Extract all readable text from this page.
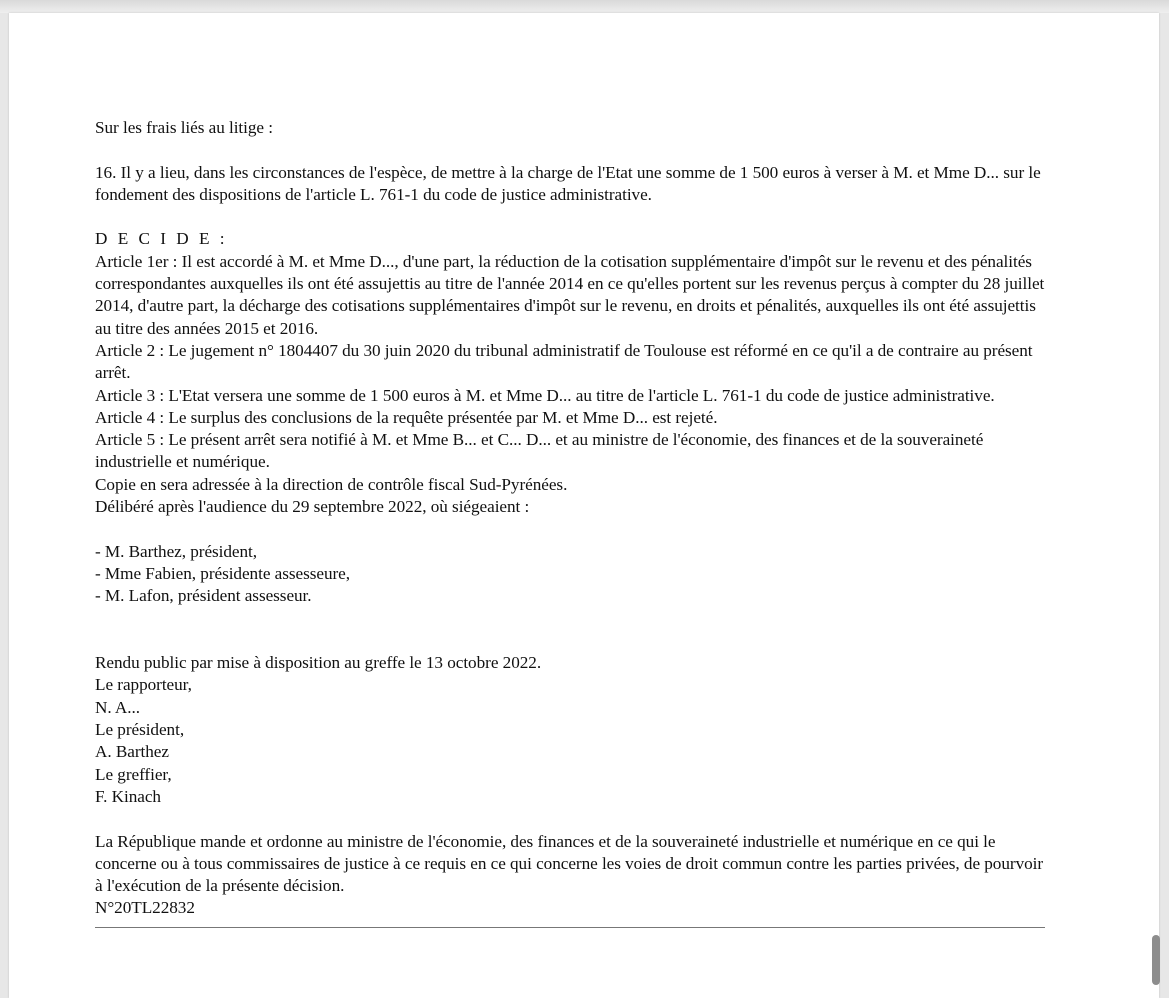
Sur les frais liés au litige :

16. Il y a lieu, dans les circonstances de l'espèce, de mettre à la charge de l'Etat une somme de 1 500 euros à verser à M. et Mme D... sur le fondement des dispositions de l'article L. 761-1 du code de justice administrative.

D E C I D E :

Article 1er : Il est accordé à M. et Mme D..., d'une part, la réduction de la cotisation supplémentaire d'impôt sur le revenu et des pénalités correspondantes auxquelles ils ont été assujettis au titre de l'année 2014 en ce qu'elles portent sur les revenus perçus à compter du 28 juillet 2014, d'autre part, la décharge des cotisations supplémentaires d'impôt sur le revenu, en droits et pénalités, auxquelles ils ont été assujettis au titre des années 2015 et 2016.

Article 2 : Le jugement n° 1804407 du 30 juin 2020 du tribunal administratif de Toulouse est réformé en ce qu'il a de contraire au présent arrêt.

Article 3 : L'Etat versera une somme de 1 500 euros à M. et Mme D... au titre de l'article L. 761-1 du code de justice administrative.

Article 4 : Le surplus des conclusions de la requête présentée par M. et Mme D... est rejeté.

Article 5 : Le présent arrêt sera notifié à M. et Mme B... et C... D... et au ministre de l'économie, des finances et de la souveraineté industrielle et numérique.

Copie en sera adressée à la direction de contrôle fiscal Sud-Pyrénées.

Délibéré après l'audience du 29 septembre 2022, où siégeaient :

- M. Barthez, président,

- Mme Fabien, présidente assesseure,

- M. Lafon, président assesseur.

Rendu public par mise à disposition au greffe le 13 octobre 2022.

Le rapporteur,

N. A...

Le président,

A. Barthez

Le greffier,

F. Kinach

La République mande et ordonne au ministre de l'économie, des finances et de la souveraineté industrielle et numérique en ce qui le concerne ou à tous commissaires de justice à ce requis en ce qui concerne les voies de droit commun contre les parties privées, de pourvoir à l'exécution de la présente décision.

N°20TL22832
